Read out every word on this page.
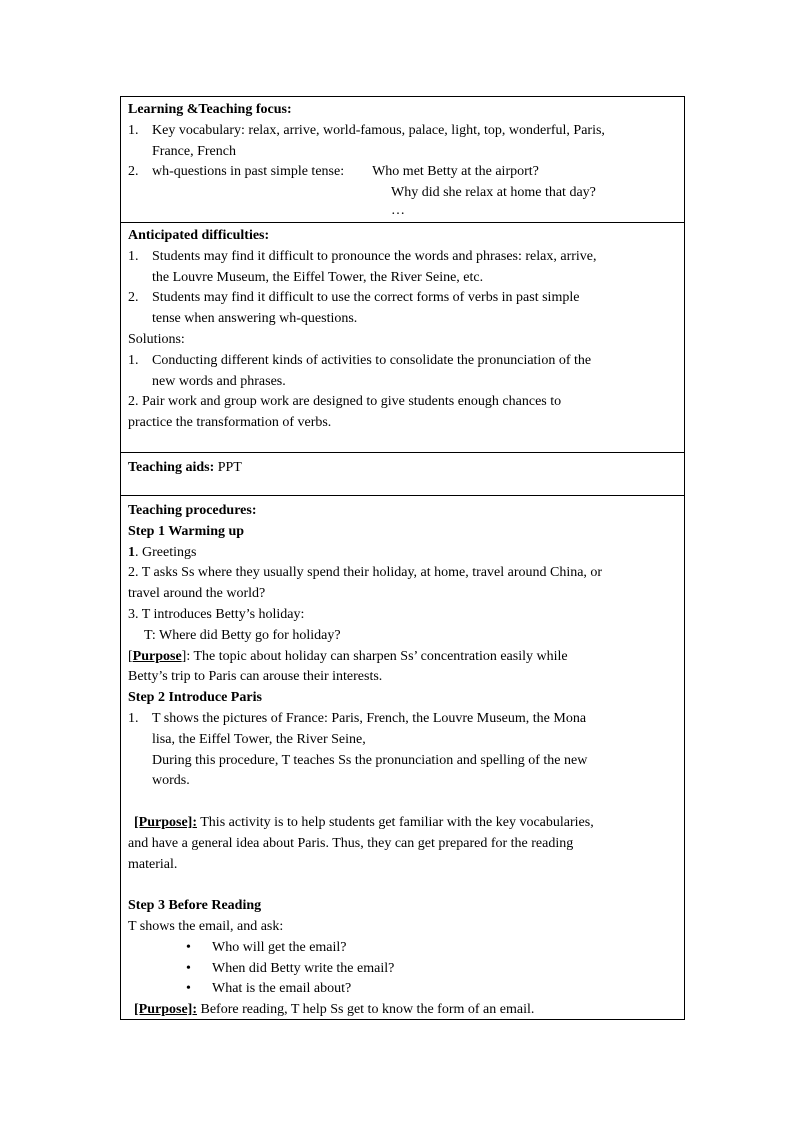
Learning &Teaching focus:
1. Key vocabulary: relax, arrive, world-famous, palace, light, top, wonderful, Paris,
France, French
2. wh-questions in past simple tense: Who met Betty at the airport?
Why did she relax at home that day?
…
Anticipated difficulties:
1. Students may find it difficult to pronounce the words and phrases: relax, arrive,
the Louvre Museum, the Eiffel Tower, the River Seine, etc.
2. Students may find it difficult to use the correct forms of verbs in past simple
tense when answering wh-questions.
Solutions:
1. Conducting different kinds of activities to consolidate the pronunciation of the
new words and phrases.
2. Pair work and group work are designed to give students enough chances to
practice the transformation of verbs.
Teaching aids: PPT
Teaching procedures:
Step 1 Warming up
1. Greetings
2. T asks Ss where they usually spend their holiday, at home, travel around China, or
travel around the world?
3. T introduces Betty’s holiday:
T: Where did Betty go for holiday?
[Purpose]: The topic about holiday can sharpen Ss’ concentration easily while
Betty’s trip to Paris can arouse their interests.
Step 2 Introduce Paris
1. T shows the pictures of France: Paris, French, the Louvre Museum, the Mona
lisa, the Eiffel Tower, the River Seine,
During this procedure, T teaches Ss the pronunciation and spelling of the new
words.
[Purpose]: This activity is to help students get familiar with the key vocabularies,
and have a general idea about Paris. Thus, they can get prepared for the reading
material.
Step 3 Before Reading
T shows the email, and ask:
• Who will get the email?
• When did Betty write the email?
• What is the email about?
[Purpose]: Before reading, T help Ss get to know the form of an email.
